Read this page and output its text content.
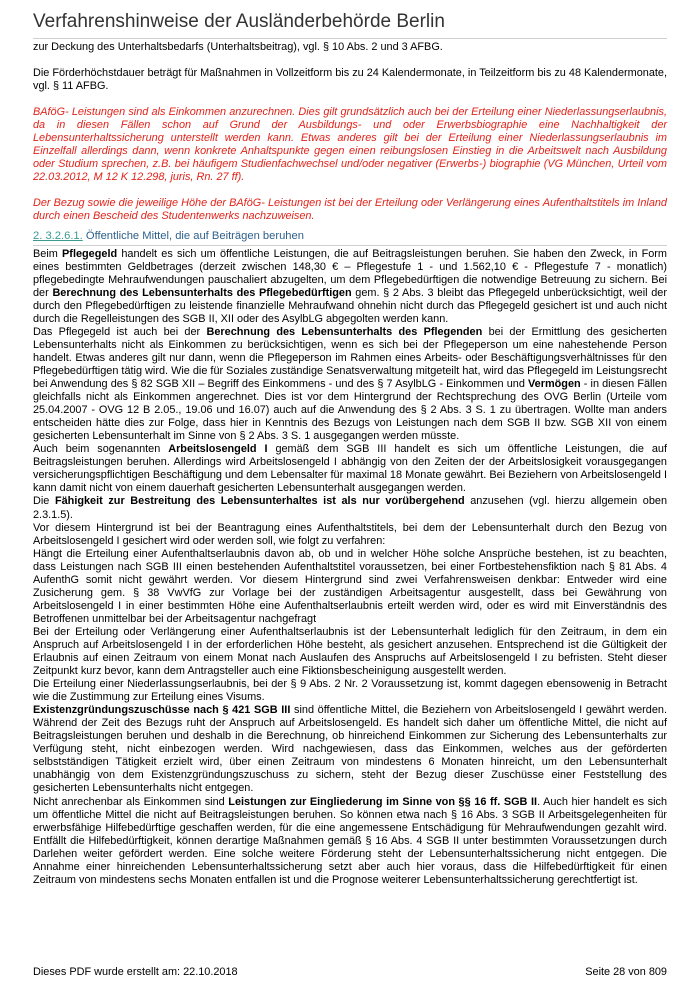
Verfahrenshinweise der Ausländerbehörde Berlin

zur Deckung des Unterhaltsbedarfs (Unterhaltsbeitrag), vgl. § 10 Abs. 2 und 3 AFBG.

Die Förderhöchstdauer beträgt für Maßnahmen in Vollzeitform bis zu 24 Kalendermonate, in Teilzeitform bis zu 48 Kalendermonate, vgl. § 11 AFBG.

BAföG- Leistungen sind als Einkommen anzurechnen. Dies gilt grundsätzlich auch bei der Erteilung einer Niederlassungserlaubnis, da in diesen Fällen schon auf Grund der Ausbildungs- und oder Erwerbsbiographie eine Nachhaltigkeit der Lebensunterhaltssicherung unterstellt werden kann. Etwas anderes gilt bei der Erteilung einer Niederlassungserlaubnis im Einzelfall allerdings dann, wenn konkrete Anhaltspunkte gegen einen reibungslosen Einstieg in die Arbeitswelt nach Ausbildung oder Studium sprechen, z.B. bei häufigem Studienfachwechsel und/oder negativer (Erwerbs-) biographie (VG München, Urteil vom 22.03.2012, M 12 K 12.298, juris, Rn. 27 ff).

Der Bezug sowie die jeweilige Höhe der BAföG- Leistungen ist bei der Erteilung oder Verlängerung eines Aufenthaltstitels im Inland durch einen Bescheid des Studentenwerks nachzuweisen.

2. 3.2.6.1. Öffentliche Mittel, die auf Beiträgen beruhen

Beim Pflegegeld handelt es sich um öffentliche Leistungen, die auf Beitragsleistungen beruhen. Sie haben den Zweck, in Form eines bestimmten Geldbetrages (derzeit zwischen 148,30 € – Pflegestufe 1 - und 1.562,10 € - Pflegestufe 7 - monatlich) pflegebedingte Mehraufwendungen pauschaliert abzugelten, um dem Pflegebedürftigen die notwendige Betreuung zu sichern. Bei der Berechnung des Lebensunterhalts des Pflegebedürftigen gem. § 2 Abs. 3 bleibt das Pflegegeld unberücksichtigt, weil der durch den Pflegebedürftigen zu leistende finanzielle Mehraufwand ohnehin nicht durch das Pflegegeld gesichert ist und auch nicht durch die Regelleistungen des SGB II, XII oder des AsylbLG abgegolten werden kann.

Das Pflegegeld ist auch bei der Berechnung des Lebensunterhalts des Pflegenden bei der Ermittlung des gesicherten Lebensunterhalts nicht als Einkommen zu berücksichtigen, wenn es sich bei der Pflegeperson um eine nahestehende Person handelt. Etwas anderes gilt nur dann, wenn die Pflegeperson im Rahmen eines Arbeits- oder Beschäftigungsverhältnisses für den Pflegebedürftigen tätig wird. Wie die für Soziales zuständige Senatsverwaltung mitgeteilt hat, wird das Pflegegeld im Leistungsrecht bei Anwendung des § 82 SGB XII – Begriff des Einkommens - und des § 7 AsylbLG - Einkommen und Vermögen - in diesen Fällen gleichfalls nicht als Einkommen angerechnet. Dies ist vor dem Hintergrund der Rechtsprechung des OVG Berlin (Urteile vom 25.04.2007 - OVG 12 B 2.05., 19.06 und 16.07) auch auf die Anwendung des § 2 Abs. 3 S. 1 zu übertragen. Wollte man anders entscheiden hätte dies zur Folge, dass hier in Kenntnis des Bezugs von Leistungen nach dem SGB II bzw. SGB XII von einem gesicherten Lebensunterhalt im Sinne von § 2 Abs. 3 S. 1 ausgegangen werden müsste.

Auch beim sogenannten Arbeitslosengeld I gemäß dem SGB III handelt es sich um öffentliche Leistungen, die auf Beitragsleistungen beruhen. Allerdings wird Arbeitslosengeld I abhängig von den Zeiten der der Arbeitslosigkeit vorausgegangen versicherungspflichtigen Beschäftigung und dem Lebensalter für maximal 18 Monate gewährt. Bei Beziehern von Arbeitslosengeld I kann damit nicht von einem dauerhaft gesicherten Lebensunterhalt ausgegangen werden.

Die Fähigkeit zur Bestreitung des Lebensunterhaltes ist als nur vorübergehend anzusehen (vgl. hierzu allgemein oben 2.3.1.5).

Vor diesem Hintergrund ist bei der Beantragung eines Aufenthaltstitels, bei dem der Lebensunterhalt durch den Bezug von Arbeitslosengeld I gesichert wird oder werden soll, wie folgt zu verfahren:

Hängt die Erteilung einer Aufenthaltserlaubnis davon ab, ob und in welcher Höhe solche Ansprüche bestehen, ist zu beachten, dass Leistungen nach SGB III einen bestehenden Aufenthaltstitel voraussetzen, bei einer Fortbestehensfiktion nach § 81 Abs. 4 AufenthG somit nicht gewährt werden. Vor diesem Hintergrund sind zwei Verfahrensweisen denkbar: Entweder wird eine Zusicherung gem. § 38 VwVfG zur Vorlage bei der zuständigen Arbeitsagentur ausgestellt, dass bei Gewährung von Arbeitslosengeld I in einer bestimmten Höhe eine Aufenthaltserlaubnis erteilt werden wird, oder es wird mit Einverständnis des Betroffenen unmittelbar bei der Arbeitsagentur nachgefragt

Bei der Erteilung oder Verlängerung einer Aufenthaltserlaubnis ist der Lebensunterhalt lediglich für den Zeitraum, in dem ein Anspruch auf Arbeitslosengeld I in der erforderlichen Höhe besteht, als gesichert anzusehen. Entsprechend ist die Gültigkeit der Erlaubnis auf einen Zeitraum von einem Monat nach Auslaufen des Anspruchs auf Arbeitslosengeld I zu befristen. Steht dieser Zeitpunkt kurz bevor, kann dem Antragsteller auch eine Fiktionsbescheinigung ausgestellt werden.

Die Erteilung einer Niederlassungserlaubnis, bei der § 9 Abs. 2 Nr. 2 Voraussetzung ist, kommt dagegen ebensowenig in Betracht wie die Zustimmung zur Erteilung eines Visums.

Existenzgründungszuschüsse nach § 421 SGB III sind öffentliche Mittel, die Beziehern von Arbeitslosengeld I gewährt werden. Während der Zeit des Bezugs ruht der Anspruch auf Arbeitslosengeld. Es handelt sich daher um öffentliche Mittel, die nicht auf Beitragsleistungen beruhen und deshalb in die Berechnung, ob hinreichend Einkommen zur Sicherung des Lebensunterhalts zur Verfügung steht, nicht einbezogen werden. Wird nachgewiesen, dass das Einkommen, welches aus der geförderten selbstständigen Tätigkeit erzielt wird, über einen Zeitraum von mindestens 6 Monaten hinreicht, um den Lebensunterhalt unabhängig von dem Existenzgründungszuschuss zu sichern, steht der Bezug dieser Zuschüsse einer Feststellung des gesicherten Lebensunterhalts nicht entgegen.

Nicht anrechenbar als Einkommen sind Leistungen zur Eingliederung im Sinne von §§ 16 ff. SGB II. Auch hier handelt es sich um öffentliche Mittel die nicht auf Beitragsleistungen beruhen. So können etwa nach § 16 Abs. 3 SGB II Arbeitsgelegenheiten für erwerbsfähige Hilfebedürftige geschaffen werden, für die eine angemessene Entschädigung für Mehraufwendungen gezahlt wird. Entfällt die Hilfebedürftigkeit, können derartige Maßnahmen gemäß § 16 Abs. 4 SGB II unter bestimmten Voraussetzungen durch Darlehen weiter gefördert werden. Eine solche weitere Förderung steht der Lebensunterhaltssicherung nicht entgegen. Die Annahme einer hinreichenden Lebensunterhaltssicherung setzt aber auch hier voraus, dass die Hilfebedürftigkeit für einen Zeitraum von mindestens sechs Monaten entfallen ist und die Prognose weiterer Lebensunterhaltssicherung gerechtfertigt ist.

Dieses PDF wurde erstellt am: 22.10.2018	Seite 28 von 809
